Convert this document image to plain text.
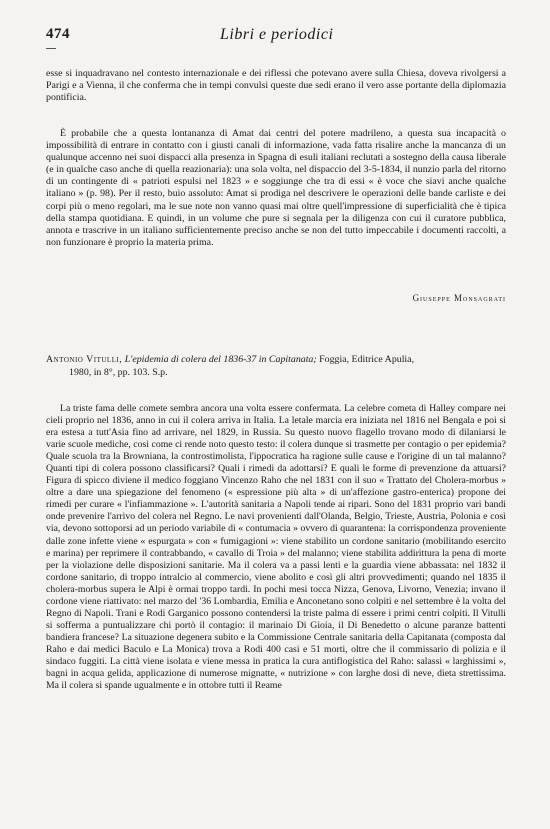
474	Libri e periodici

esse si inquadravano nel contesto internazionale e dei riflessi che potevano avere sulla Chiesa, doveva rivolgersi a Parigi e a Vienna, il che conferma che in tempi convulsi queste due sedi erano il vero asse portante della diplomazia pontificia.

È probabile che a questa lontananza di Amat dai centri del potere madrileno, a questa sua incapacità o impossibilità di entrare in contatto con i giusti canali di informazione, vada fatta risalire anche la mancanza di un qualunque accenno nei suoi dispacci alla presenza in Spagna di esuli italiani reclutati a sostegno della causa liberale (e in qualche caso anche di quella reazionaria): una sola volta, nel dispaccio del 3-5-1834, il nunzio parla del ritorno di un contingente di « patrioti espulsi nel 1823 » e soggiunge che tra di essi « è voce che siavi anche qualche italiano » (p. 98). Per il resto, buio assoluto: Amat si prodiga nel descrivere le operazioni delle bande carliste e dei corpi più o meno regolari, ma le sue note non vanno quasi mai oltre quell'impressione di superficialità che è tipica della stampa quotidiana. E quindi, in un volume che pure si segnala per la diligenza con cui il curatore pubblica, annota e trascrive in un italiano sufficientemente preciso anche se non del tutto impeccabile i documenti raccolti, a non funzionare è proprio la materia prima.

Giuseppe Monsagrati

Antonio Vitulli, L'epidemia di colera del 1836-37 in Capitanata; Foggia, Editrice Apulia,
1980, in 8°, pp. 103. S.p.

La triste fama delle comete sembra ancora una volta essere confermata. La celebre cometa di Halley compare nei cieli proprio nel 1836, anno in cui il colera arriva in Italia. La letale marcia era iniziata nel 1816 nel Bengala e poi si era estesa a tutt'Asia fino ad arrivare, nel 1829, in Russia. Su questo nuovo flagello trovano modo di dilaniarsi le varie scuole mediche, così come ci rende noto questo testo: il colera dunque si trasmette per contagio o per epidemia? Quale scuola tra la Browniana, la controstimolista, l'ippocratica ha ragione sulle cause e l'origine di un tal malanno? Quanti tipi di colera possono classificarsi? Quali i rimedi da adottarsi? E quali le forme di prevenzione da attuarsi? Figura di spicco diviene il medico foggiano Vincenzo Raho che nel 1831 con il suo « Trattato del Cholera-morbus » oltre a dare una spiegazione del fenomeno (« espressione più alta » di un'affezione gastro-enterica) propone dei rimedi per curare « l'infiammazione ». L'autorità sanitaria a Napoli tende ai ripari. Sono del 1831 proprio vari bandi onde prevenire l'arrivo del colera nel Regno. Le navi provenienti dall'Olanda, Belgio, Trieste, Austria, Polonia e così via, devono sottoporsi ad un periodo variabile di « contumacia » ovvero di quarantena: la corrispondenza proveniente dalle zone infette viene « espurgata » con « fumigagioni »: viene stabilito un cordone sanitario (mobilitando esercito e marina) per reprimere il contrabbando, « cavallo di Troia » del malanno; viene stabilita addirittura la pena di morte per la violazione delle disposizioni sanitarie. Ma il colera va a passi lenti e la guardia viene abbassata: nel 1832 il cordone sanitario, di troppo intralcio al commercio, viene abolito e così gli altri provvedimenti; quando nel 1835 il cholera-morbus supera le Alpi è ormai troppo tardi. In pochi mesi tocca Nizza, Genova, Livorno, Venezia; invano il cordone viene riattivato: nel marzo del '36 Lombardia, Emilia e Anconetano sono colpiti e nel settembre è la volta del Regno di Napoli. Trani e Rodi Garganico possono contendersi la triste palma di essere i primi centri colpiti. Il Vitulli si sofferma a puntualizzare chi portò il contagio: il marinaio Di Gioia, il Di Benedetto o alcune paranze battenti bandiera francese? La situazione degenera subito e la Commissione Centrale sanitaria della Capitanata (composta dal Raho e dai medici Baculo e La Monica) trova a Rodi 400 casi e 51 morti, oltre che il commissario di polizia e il sindaco fuggiti. La città viene isolata e viene messa in pratica la cura antiflogistica del Raho: salassi « larghissimi », bagni in acqua gelida, applicazione di numerose mignatte, « nutrizione » con larghe dosi di neve, dieta strettissima. Ma il colera si spande ugualmente e in ottobre tutti il Reame
